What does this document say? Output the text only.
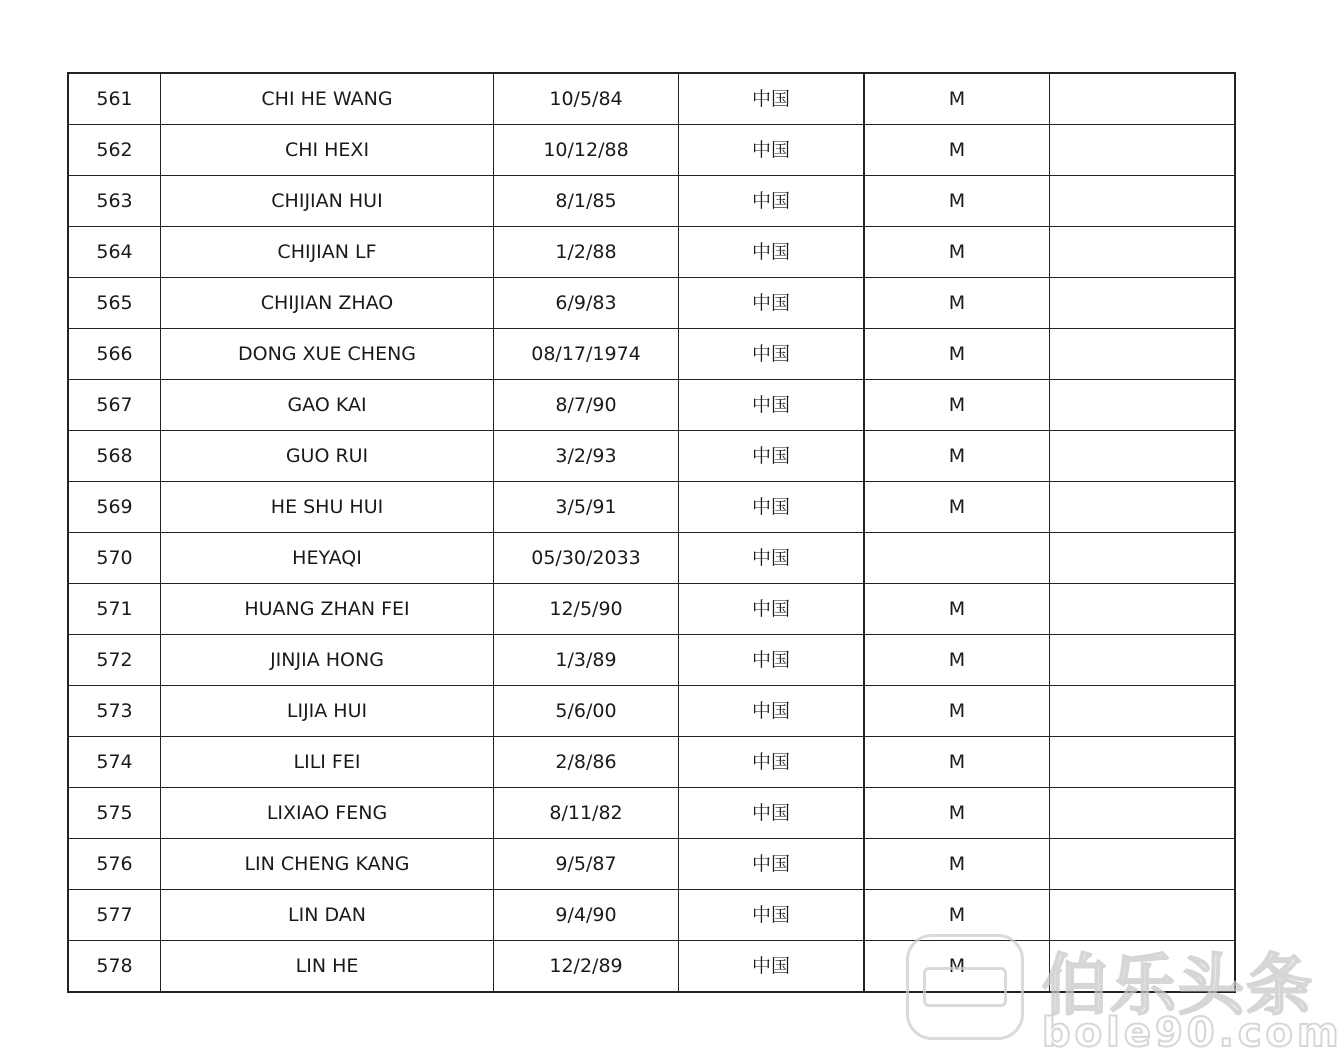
561	CHI HE WANG	10/5/84	中国	M	
562	CHI HEXI	10/12/88	中国	M	
563	CHIJIAN HUI	8/1/85	中国	M	
564	CHIJIAN LF	1/2/88	中国	M	
565	CHIJIAN ZHAO	6/9/83	中国	M	
566	DONG XUE CHENG	08/17/1974	中国	M	
567	GAO KAI	8/7/90	中国	M	
568	GUO RUI	3/2/93	中国	M	
569	HE SHU HUI	3/5/91	中国	M	
570	HEYAQI	05/30/2033	中国		
571	HUANG ZHAN FEI	12/5/90	中国	M	
572	JINJIA HONG	1/3/89	中国	M	
573	LIJIA HUI	5/6/00	中国	M	
574	LILI FEI	2/8/86	中国	M	
575	LIXIAO FENG	8/11/82	中国	M	
576	LIN CHENG KANG	9/5/87	中国	M	
577	LIN DAN	9/4/90	中国	M	
578	LIN HE	12/2/89	中国	M	伯乐头条
bole90.com
